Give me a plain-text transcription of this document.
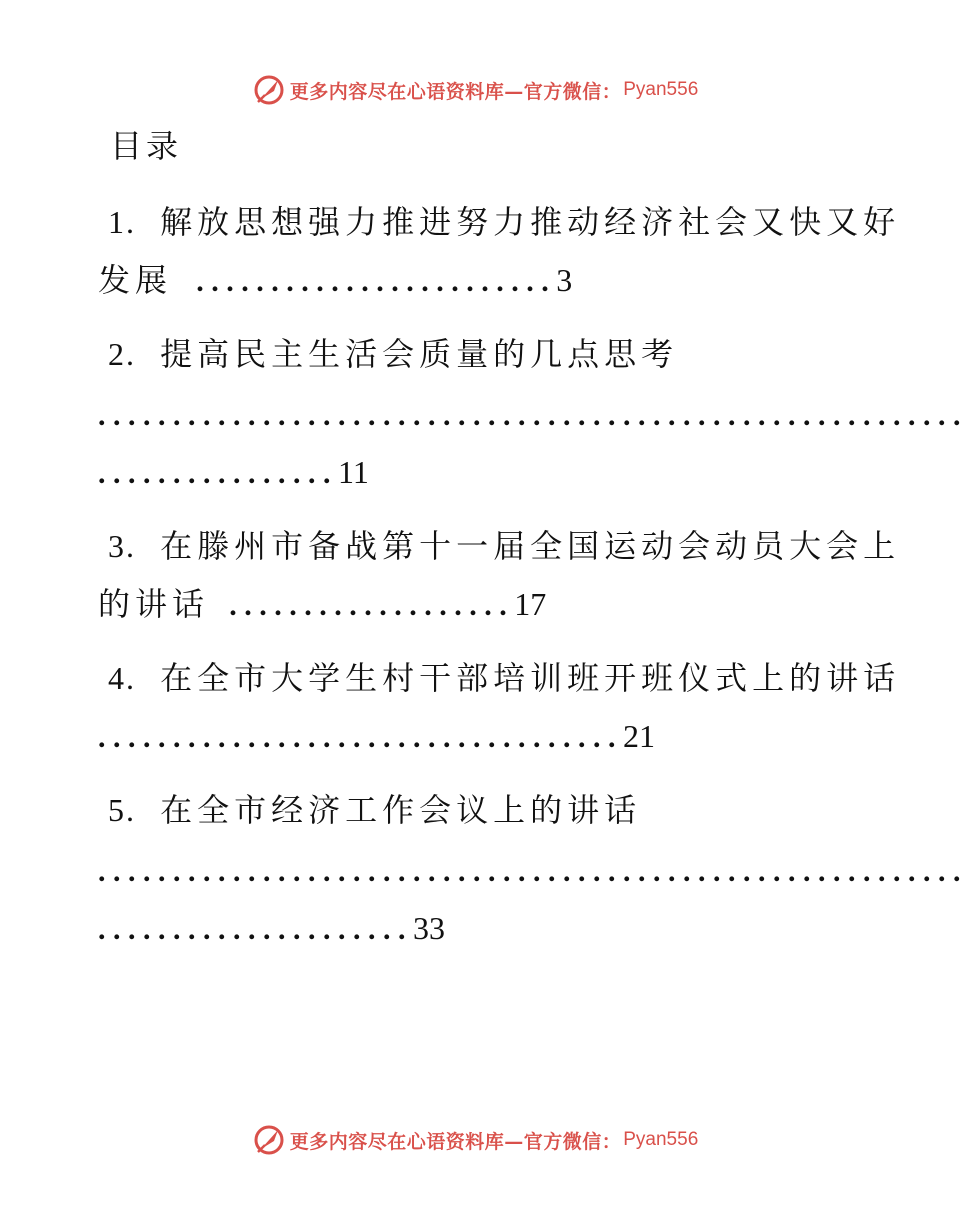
更多内容尽在心语资料库—官方微信： Pyan556
目录
1. 解放思想强力推进努力推动经济社会又快又好
发展 ........................3
2. 提高民主生活会质量的几点思考
..........................................................
................11
3. 在滕州市备战第十一届全国运动会动员大会上
的讲话 ...................17
4. 在全市大学生村干部培训班开班仪式上的讲话
...................................21
5. 在全市经济工作会议上的讲话
..........................................................
.....................33
更多内容尽在心语资料库—官方微信： Pyan556
